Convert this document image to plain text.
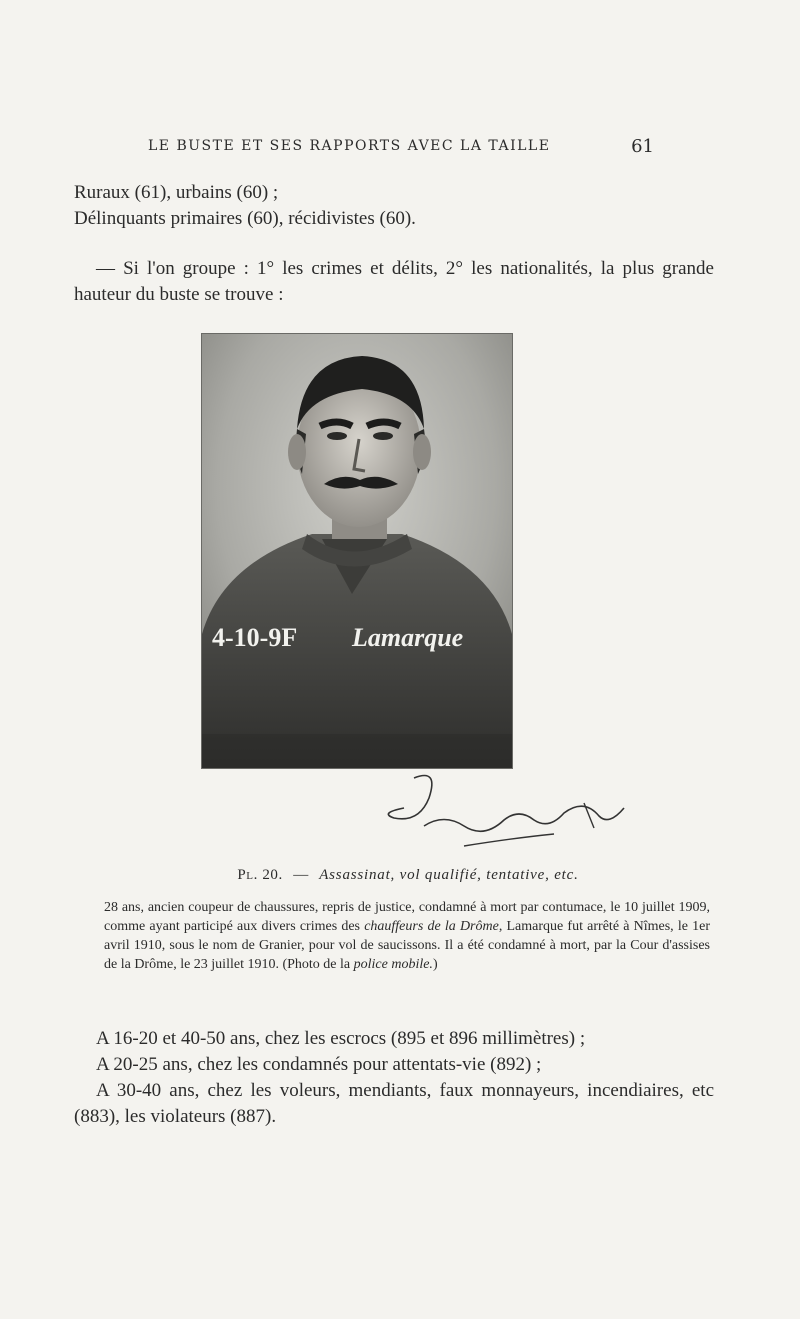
LE BUSTE ET SES RAPPORTS AVEC LA TAILLE	61
Ruraux (61), urbains (60) ;
Délinquants primaires (60), récidivistes (60).
— Si l'on groupe : 1° les crimes et délits, 2° les nationalités, la plus grande hauteur du buste se trouve :
4-10-9F Lamarque
Pl. 20. — Assassinat, vol qualifié, tentative, etc.
28 ans, ancien coupeur de chaussures, repris de justice, condamné à mort par contumace, le 10 juillet 1909, comme ayant participé aux divers crimes des chauffeurs de la Drôme, Lamarque fut arrêté à Nîmes, le 1er avril 1910, sous le nom de Granier, pour vol de saucissons. Il a été condamné à mort, par la Cour d'assises de la Drôme, le 23 juillet 1910. (Photo de la police mobile.)
A 16-20 et 40-50 ans, chez les escrocs (895 et 896 millimètres) ;
A 20-25 ans, chez les condamnés pour attentats-vie (892) ;
A 30-40 ans, chez les voleurs, mendiants, faux monnayeurs, incendiaires, etc (883), les violateurs (887).
